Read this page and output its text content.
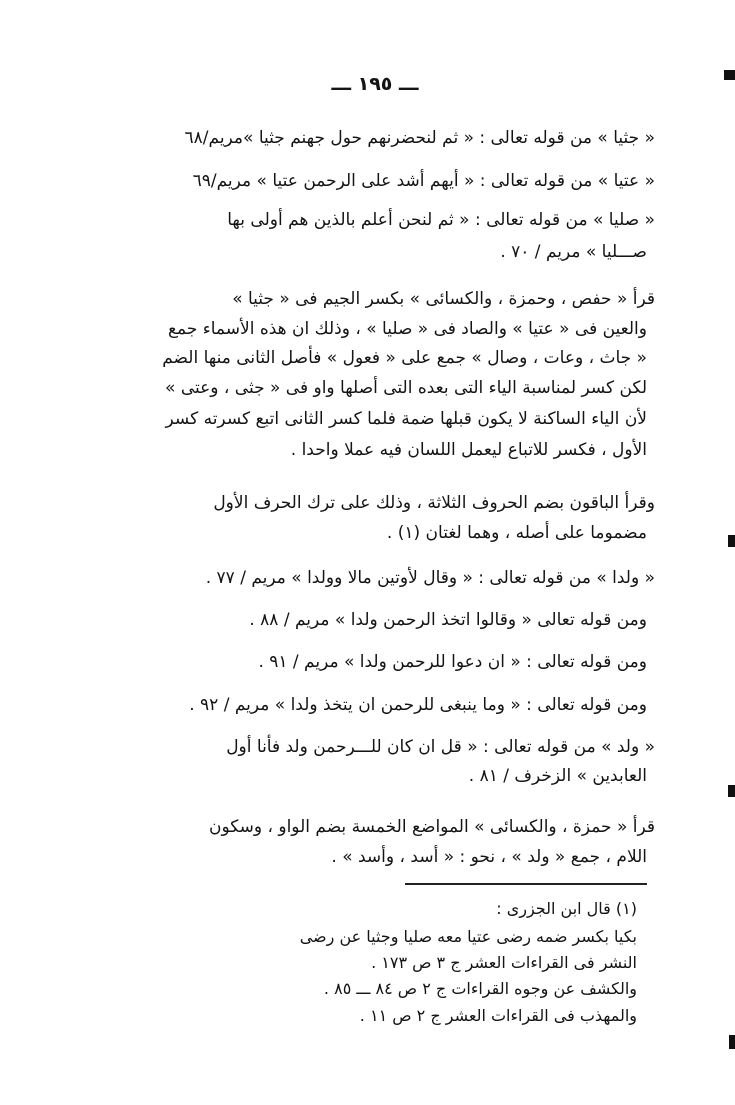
ـــ ١٩٥ ـــ
« جثيا » من قوله تعالى : « ثم لنحضرنهم حول جهنم جثيا »مريم/٦٨
« عتيا » من قوله تعالى : « أيهم أشد على الرحمن عتيا » مريم/٦٩
« صليا » من قوله تعالى : « ثم لنحن أعلم بالذين هم أولى بها
صـــليا » مريم / ٧٠ .
قرأ « حفص ، وحمزة ، والكسائى » بكسر الجيم فى « جثيا »
والعين فى « عتيا » والصاد فى « صليا » ، وذلك ان هذه الأسماء جمع
« جاث ، وعات ، وصال » جمع على « فعول » فأصل الثانى منها الضم
لكن كسر لمناسبة الياء التى بعده التى أصلها واو فى « جثى ، وعتى »
لأن الياء الساكنة لا يكون قبلها ضمة فلما كسر الثانى اتبع كسرته كسر
الأول ، فكسر للاتباع ليعمل اللسان فيه عملا واحدا .
وقرأ الباقون بضم الحروف الثلاثة ، وذلك على ترك الحرف الأول
مضموما على أصله ، وهما لغتان (١) .
« ولدا » من قوله تعالى : « وقال لأوتين مالا وولدا » مريم / ٧٧ .
ومن قوله تعالى « وقالوا اتخذ الرحمن ولدا » مريم / ٨٨ .
ومن قوله تعالى : « ان دعوا للرحمن ولدا » مريم / ٩١ .
ومن قوله تعالى : « وما ينبغى للرحمن ان يتخذ ولدا » مريم / ٩٢ .
« ولد » من قوله تعالى : « قل ان كان للـــرحمن ولد فأنا أول
العابدين » الزخرف / ٨١ .
قرأ « حمزة ، والكسائى » المواضع الخمسة بضم الواو ، وسكون
اللام ، جمع « ولد » ، نحو : « أسد ، وأسد » .
(١) قال ابن الجزرى :
بكيا بكسر ضمه رضى عتيا معه صليا وجثيا عن رضى
النشر فى القراءات العشر ج ٣ ص ١٧٣ .
والكشف عن وجوه القراءات ج ٢ ص ٨٤ ـــ ٨٥ .
والمهذب فى القراءات العشر ج ٢ ص ١١ .
